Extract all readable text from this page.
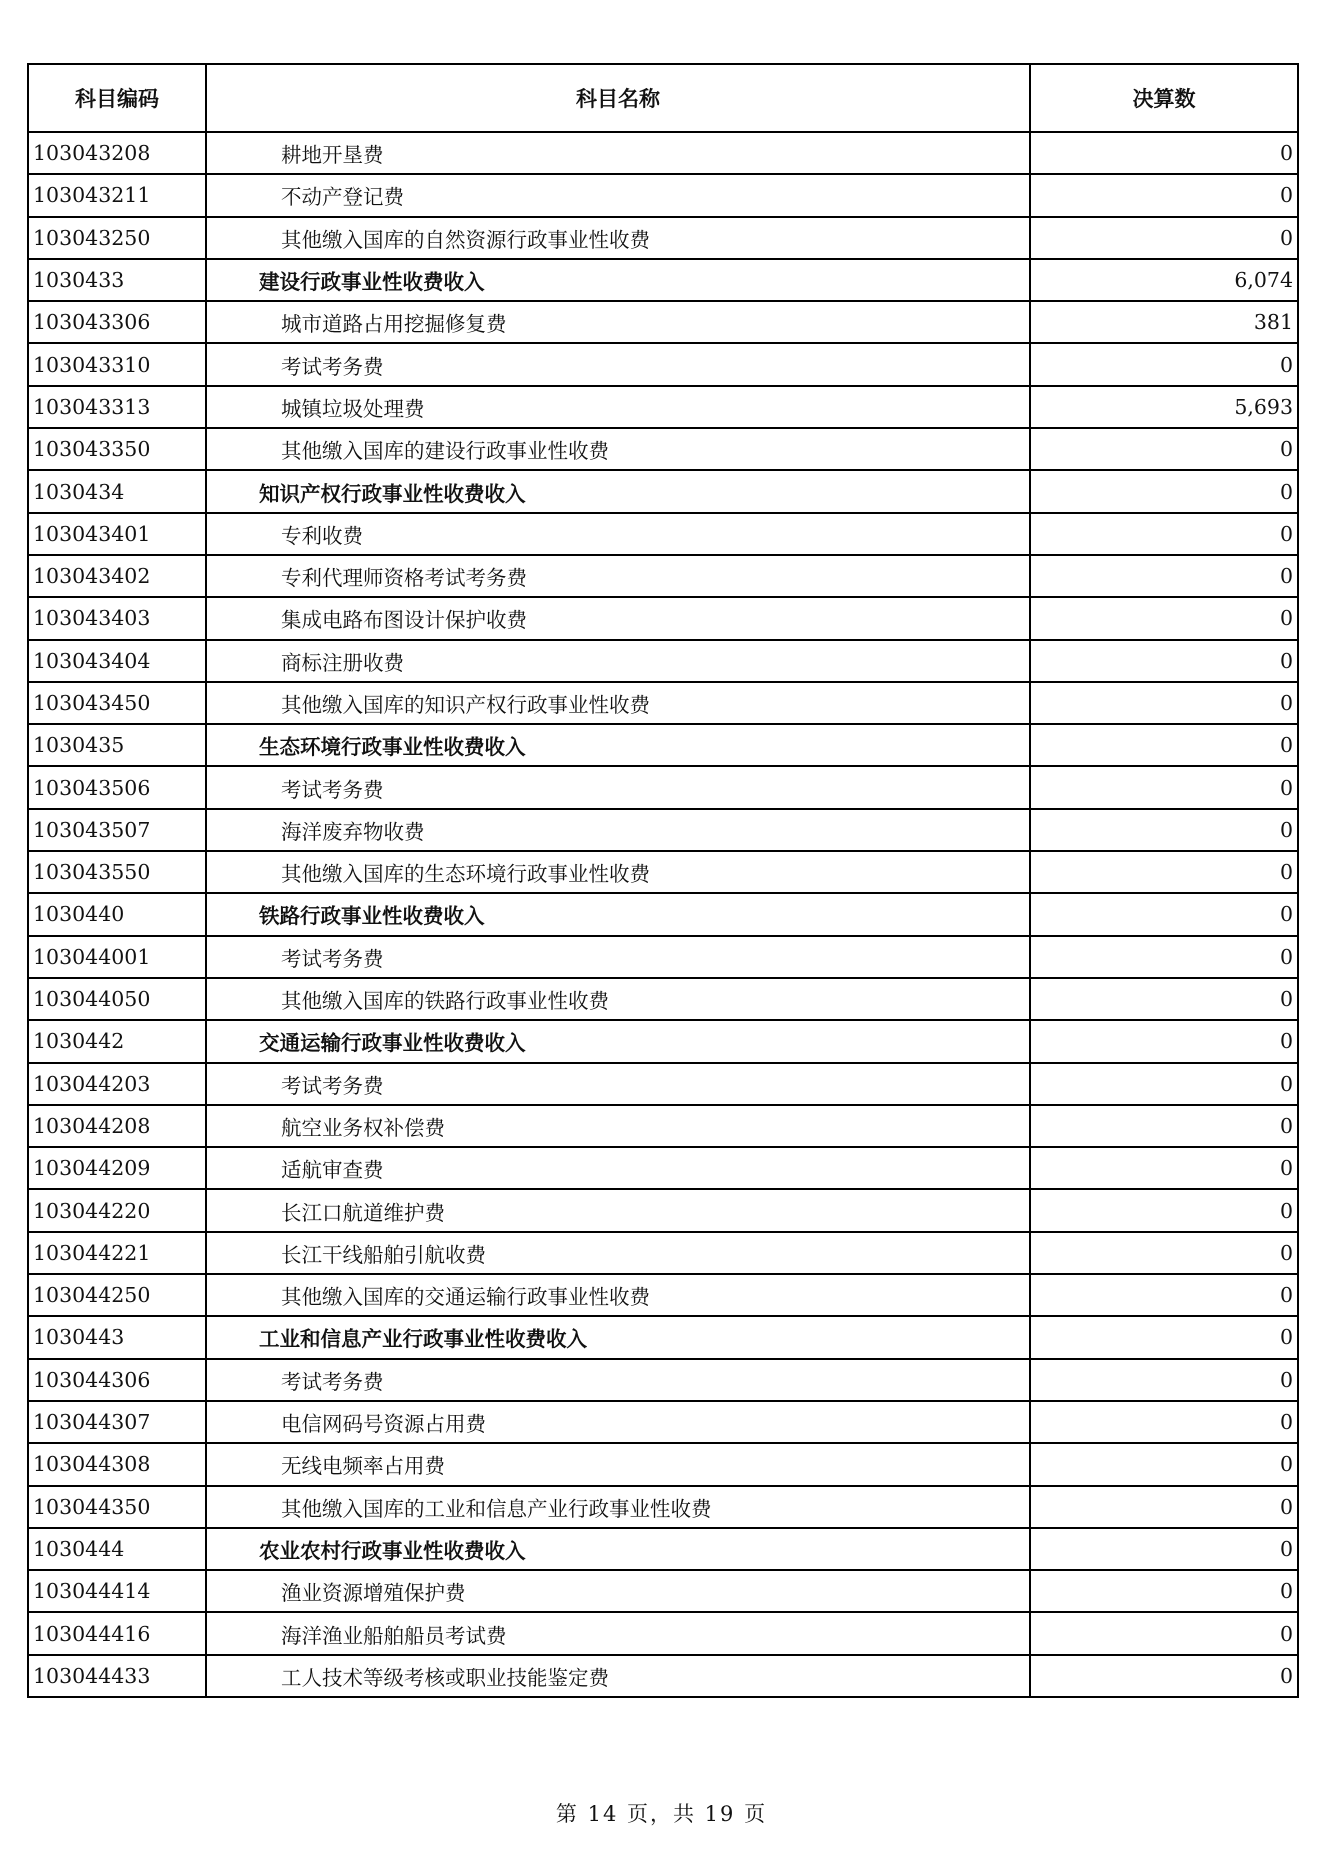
科目编码	科目名称	决算数
103043208	耕地开垦费	0
103043211	不动产登记费	0
103043250	其他缴入国库的自然资源行政事业性收费	0
1030433	建设行政事业性收费收入	6,074
103043306	城市道路占用挖掘修复费	381
103043310	考试考务费	0
103043313	城镇垃圾处理费	5,693
103043350	其他缴入国库的建设行政事业性收费	0
1030434	知识产权行政事业性收费收入	0
103043401	专利收费	0
103043402	专利代理师资格考试考务费	0
103043403	集成电路布图设计保护收费	0
103043404	商标注册收费	0
103043450	其他缴入国库的知识产权行政事业性收费	0
1030435	生态环境行政事业性收费收入	0
103043506	考试考务费	0
103043507	海洋废弃物收费	0
103043550	其他缴入国库的生态环境行政事业性收费	0
1030440	铁路行政事业性收费收入	0
103044001	考试考务费	0
103044050	其他缴入国库的铁路行政事业性收费	0
1030442	交通运输行政事业性收费收入	0
103044203	考试考务费	0
103044208	航空业务权补偿费	0
103044209	适航审查费	0
103044220	长江口航道维护费	0
103044221	长江干线船舶引航收费	0
103044250	其他缴入国库的交通运输行政事业性收费	0
1030443	工业和信息产业行政事业性收费收入	0
103044306	考试考务费	0
103044307	电信网码号资源占用费	0
103044308	无线电频率占用费	0
103044350	其他缴入国库的工业和信息产业行政事业性收费	0
1030444	农业农村行政事业性收费收入	0
103044414	渔业资源增殖保护费	0
103044416	海洋渔业船舶船员考试费	0
103044433	工人技术等级考核或职业技能鉴定费	0
第 14 页，共 19 页
